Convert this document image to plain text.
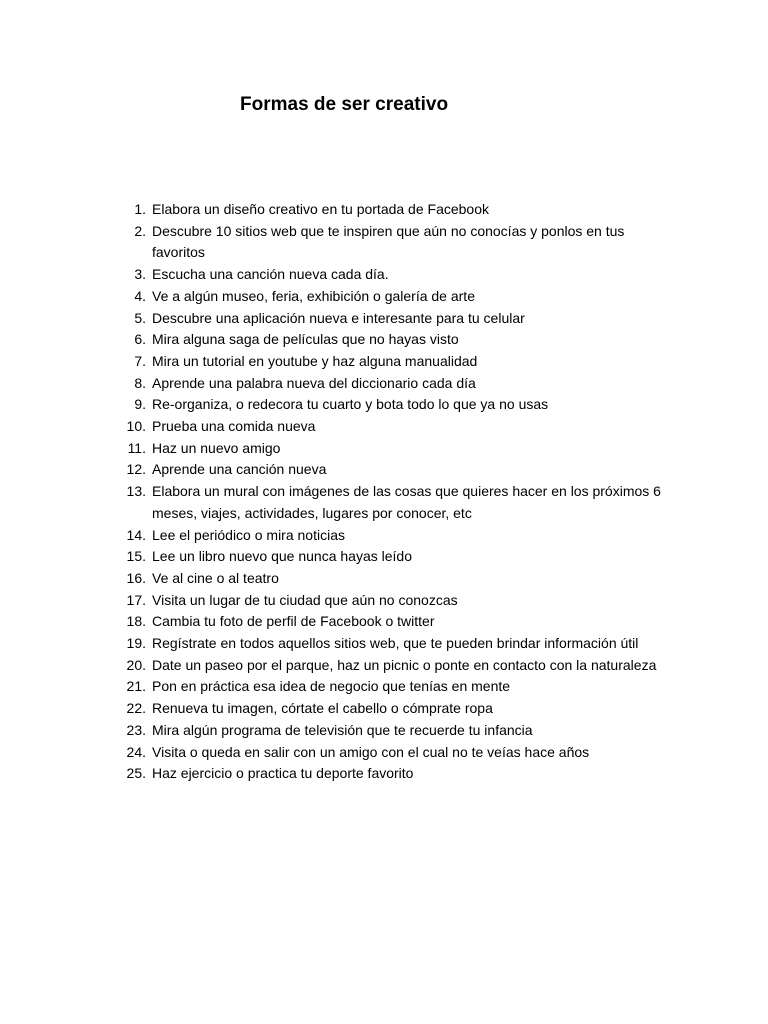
Formas de ser creativo
1. Elabora un diseño creativo en tu portada de Facebook
2. Descubre 10 sitios web que te inspiren que aún no conocías y ponlos en tus favoritos
3. Escucha una canción nueva cada día.
4. Ve a algún museo, feria, exhibición o galería de arte
5. Descubre una aplicación nueva e interesante para tu celular
6. Mira alguna saga de películas que no hayas visto
7. Mira un tutorial en youtube y haz alguna manualidad
8. Aprende una palabra nueva del diccionario cada día
9. Re-organiza, o redecora tu cuarto y bota todo lo que ya no usas
10. Prueba una comida nueva
11. Haz un nuevo amigo
12. Aprende una canción nueva
13. Elabora un mural con imágenes de las cosas que quieres hacer en los próximos 6 meses, viajes, actividades, lugares por conocer, etc
14. Lee el periódico o mira noticias
15. Lee un libro nuevo que nunca hayas leído
16. Ve al cine o al teatro
17. Visita un lugar de tu ciudad que aún no conozcas
18. Cambia tu foto de perfil de Facebook o twitter
19. Regístrate en todos aquellos sitios web, que te pueden brindar información útil
20. Date un paseo por el parque, haz un picnic o ponte en contacto con la naturaleza
21. Pon en práctica esa idea de negocio que tenías en mente
22. Renueva tu imagen, córtate el cabello o cómprate ropa
23. Mira algún programa de televisión que te recuerde tu infancia
24. Visita o queda en salir con un amigo con el cual no te veías hace años
25. Haz ejercicio o practica tu deporte favorito
